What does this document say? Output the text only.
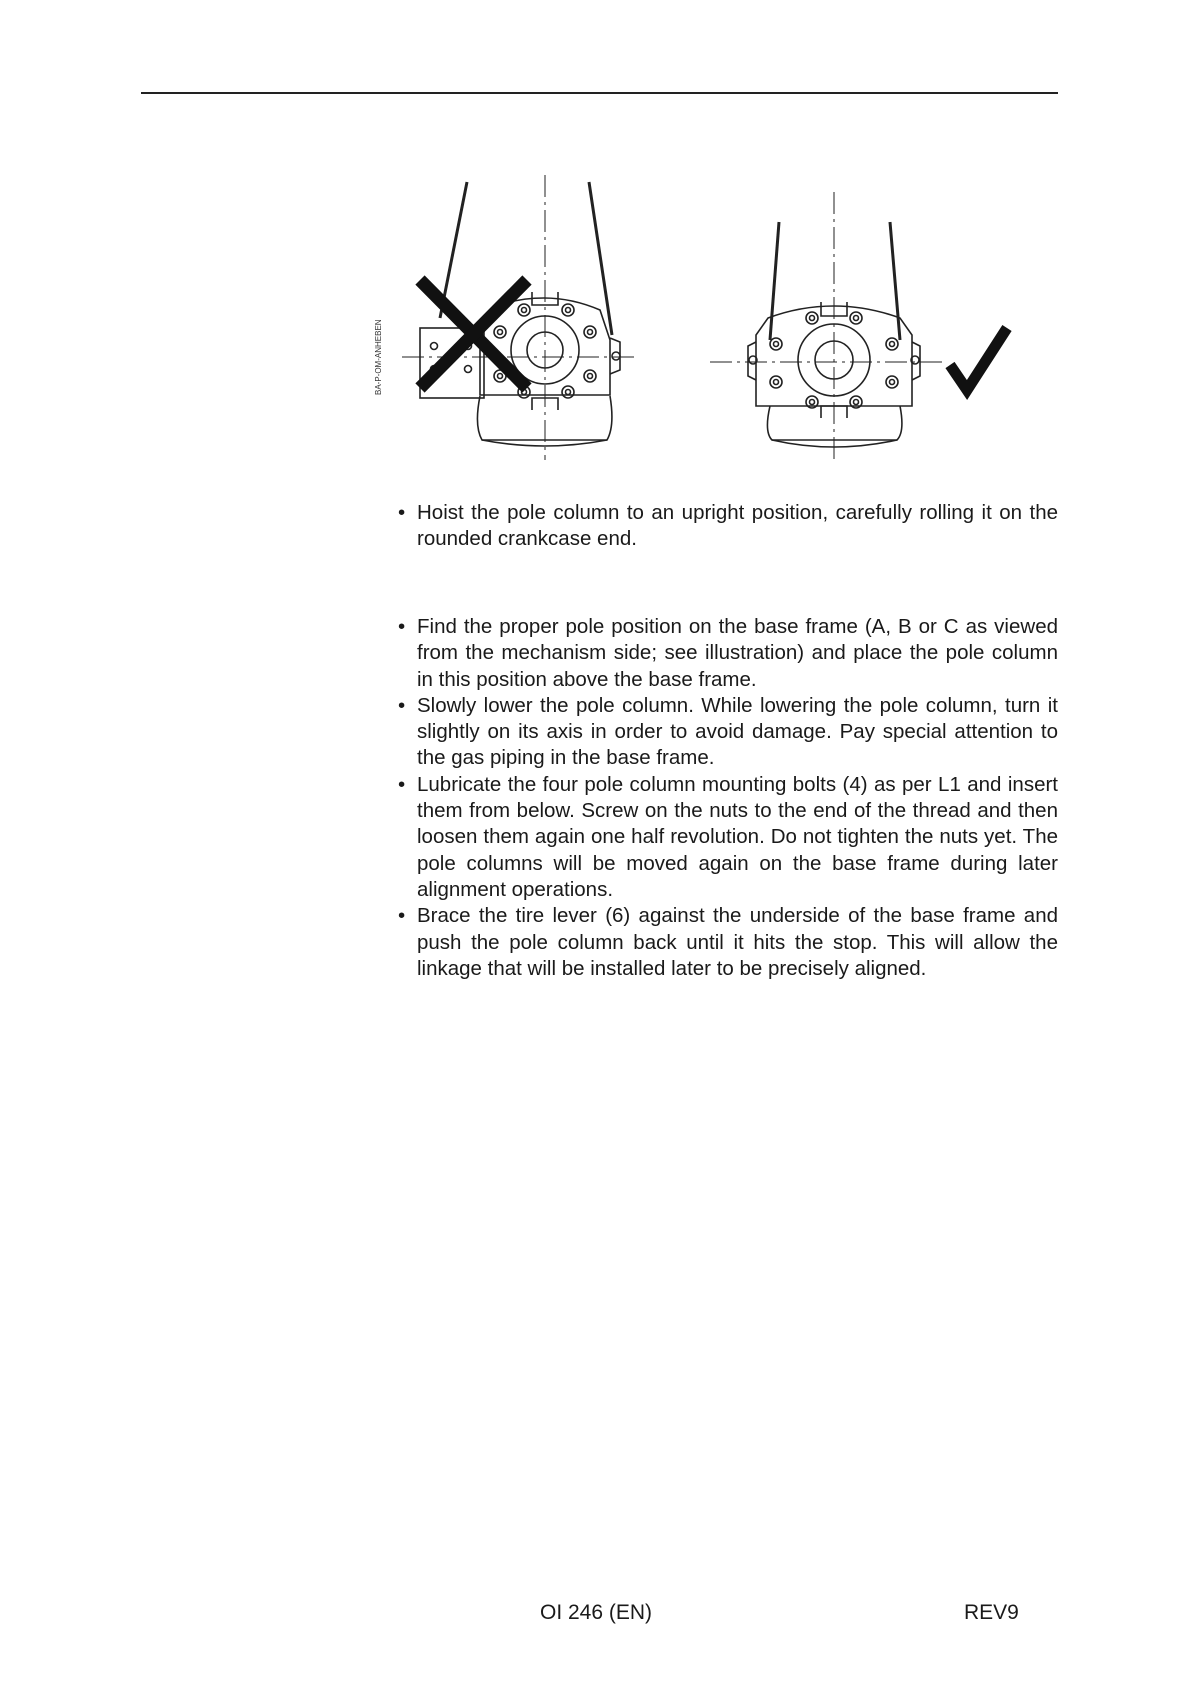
BA-P-OM-ANHEBEN
• Hoist the pole column to an upright position, carefully rolling it on the rounded crankcase end.
• Find the proper pole position on the base frame (A, B or C as viewed from the mechanism side; see illustration) and place the pole column in this position above the base frame.
• Slowly lower the pole column. While lowering the pole column, turn it slightly on its axis in order to avoid damage. Pay special attention to the gas piping in the base frame.
• Lubricate the four pole column mounting bolts (4) as per L1 and insert them from below. Screw on the nuts to the end of the thread and then loosen them again one half revolution. Do not tighten the nuts yet. The pole columns will be moved again on the base frame during later alignment operations.
• Brace the tire lever (6) against the underside of the base frame and push the pole column back until it hits the stop. This will allow the linkage that will be installed later to be precisely aligned.
OI 246 (EN)	REV9
